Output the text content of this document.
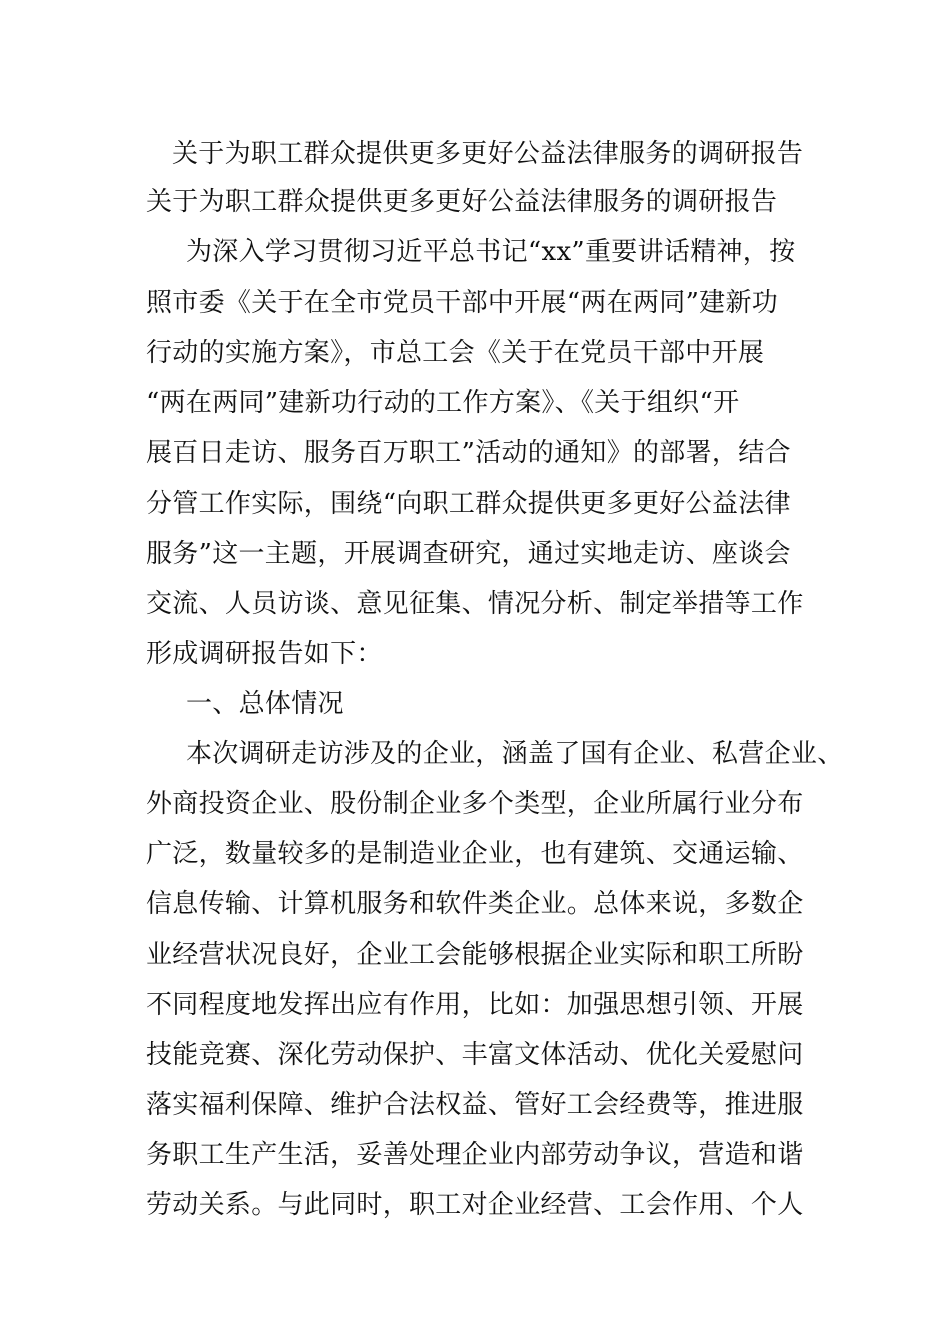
关于为职工群众提供更多更好公益法律服务的调研报告
关于为职工群众提供更多更好公益法律服务的调研报告
为深入学习贯彻习近平总书记“xx”重要讲话精神，按
照市委《关于在全市党员干部中开展“两在两同”建新功
行动的实施方案》，市总工会《关于在党员干部中开展
“两在两同”建新功行动的工作方案》、《关于组织“开
展百日走访、服务百万职工”活动的通知》的部署，结合
分管工作实际，围绕“向职工群众提供更多更好公益法律
服务”这一主题，开展调查研究，通过实地走访、座谈会
交流、人员访谈、意见征集、情况分析、制定举措等工作
形成调研报告如下：
一、总体情况
本次调研走访涉及的企业，涵盖了国有企业、私营企业、
外商投资企业、股份制企业多个类型，企业所属行业分布
广泛，数量较多的是制造业企业，也有建筑、交通运输、
信息传输、计算机服务和软件类企业。总体来说，多数企
业经营状况良好，企业工会能够根据企业实际和职工所盼
不同程度地发挥出应有作用，比如：加强思想引领、开展
技能竞赛、深化劳动保护、丰富文体活动、优化关爱慰问
落实福利保障、维护合法权益、管好工会经费等，推进服
务职工生产生活，妥善处理企业内部劳动争议，营造和谐
劳动关系。与此同时，职工对企业经营、工会作用、个人
